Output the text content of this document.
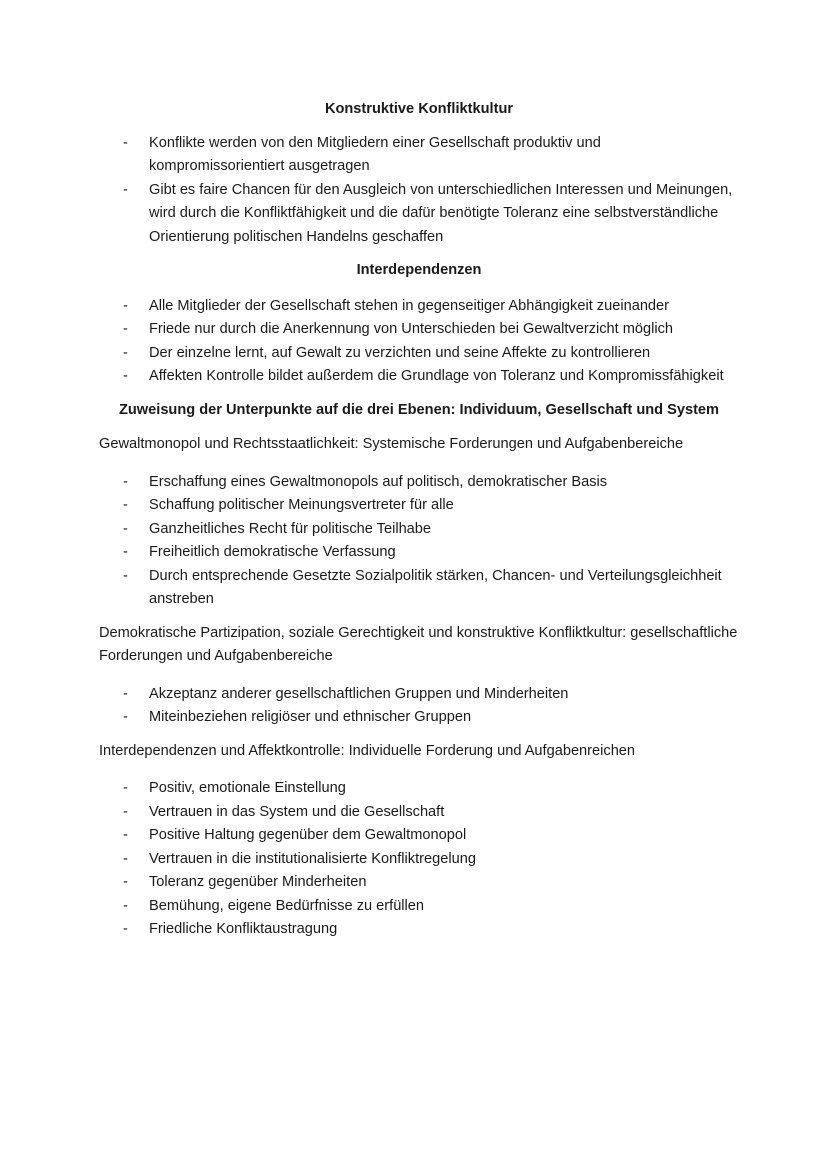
Konstruktive Konfliktkultur
- Konflikte werden von den Mitgliedern einer Gesellschaft produktiv und kompromissorientiert ausgetragen
- Gibt es faire Chancen für den Ausgleich von unterschiedlichen Interessen und Meinungen, wird durch die Konfliktfähigkeit und die dafür benötigte Toleranz eine selbstverständliche Orientierung politischen Handelns geschaffen
Interdependenzen
- Alle Mitglieder der Gesellschaft stehen in gegenseitiger Abhängigkeit zueinander
- Friede nur durch die Anerkennung von Unterschieden bei Gewaltverzicht möglich
- Der einzelne lernt, auf Gewalt zu verzichten und seine Affekte zu kontrollieren
- Affekten Kontrolle bildet außerdem die Grundlage von Toleranz und Kompromissfähigkeit
Zuweisung der Unterpunkte auf die drei Ebenen: Individuum, Gesellschaft und System

Gewaltmonopol und Rechtsstaatlichkeit: Systemische Forderungen und Aufgabenbereiche

- Erschaffung eines Gewaltmonopols auf politisch, demokratischer Basis
- Schaffung politischer Meinungsvertreter für alle
- Ganzheitliches Recht für politische Teilhabe
- Freiheitlich demokratische Verfassung
- Durch entsprechende Gesetzte Sozialpolitik stärken, Chancen- und Verteilungsgleichheit anstreben

Demokratische Partizipation, soziale Gerechtigkeit und konstruktive Konfliktkultur: gesellschaftliche Forderungen und Aufgabenbereiche

- Akzeptanz anderer gesellschaftlichen Gruppen und Minderheiten
- Miteinbeziehen religiöser und ethnischer Gruppen

Interdependenzen und Affektkontrolle: Individuelle Forderung und Aufgabenreichen

- Positiv, emotionale Einstellung
- Vertrauen in das System und die Gesellschaft
- Positive Haltung gegenüber dem Gewaltmonopol
- Vertrauen in die institutionalisierte Konfliktregelung
- Toleranz gegenüber Minderheiten
- Bemühung, eigene Bedürfnisse zu erfüllen
- Friedliche Konfliktaustragung
